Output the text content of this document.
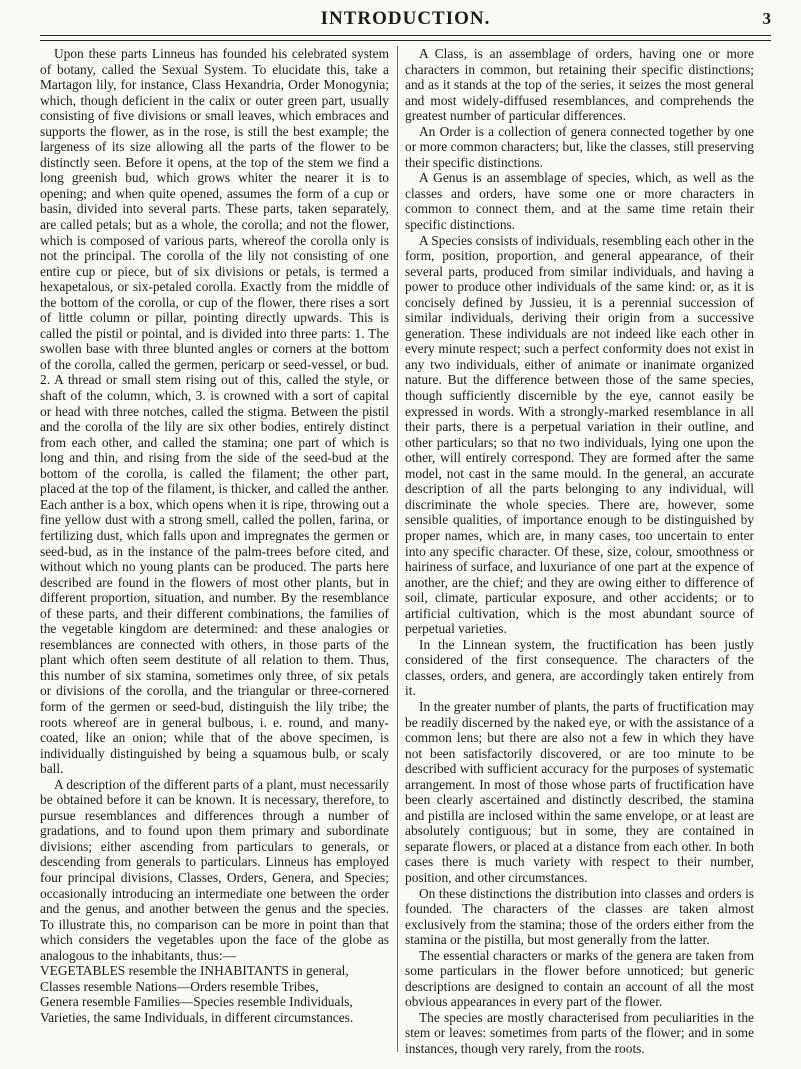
INTRODUCTION.	3

Upon these parts Linneus has founded his celebrated system of botany, called the Sexual System. To elucidate this, take a Martagon lily, for instance, Class Hexandria, Order Monogynia; which, though deficient in the calix or outer green part, usually consisting of five divisions or small leaves, which embraces and supports the flower, as in the rose, is still the best example; the largeness of its size allowing all the parts of the flower to be distinctly seen. Before it opens, at the top of the stem we find a long greenish bud, which grows whiter the nearer it is to opening; and when quite opened, assumes the form of a cup or basin, divided into several parts. These parts, taken separately, are called petals; but as a whole, the corolla; and not the flower, which is composed of various parts, whereof the corolla only is not the principal. The corolla of the lily not consisting of one entire cup or piece, but of six divisions or petals, is termed a hexapetalous, or six-petaled corolla. Exactly from the middle of the bottom of the corolla, or cup of the flower, there rises a sort of little column or pillar, pointing directly upwards. This is called the pistil or pointal, and is divided into three parts: 1. The swollen base with three blunted angles or corners at the bottom of the corolla, called the germen, pericarp or seed-vessel, or bud. 2. A thread or small stem rising out of this, called the style, or shaft of the column, which, 3. is crowned with a sort of capital or head with three notches, called the stigma. Between the pistil and the corolla of the lily are six other bodies, entirely distinct from each other, and called the stamina; one part of which is long and thin, and rising from the side of the seed-bud at the bottom of the corolla, is called the filament; the other part, placed at the top of the filament, is thicker, and called the anther. Each anther is a box, which opens when it is ripe, throwing out a fine yellow dust with a strong smell, called the pollen, farina, or fertilizing dust, which falls upon and impregnates the germen or seed-bud, as in the instance of the palm-trees before cited, and without which no young plants can be produced. The parts here described are found in the flowers of most other plants, but in different proportion, situation, and number. By the resemblance of these parts, and their different combinations, the families of the vegetable kingdom are determined: and these analogies or resemblances are connected with others, in those parts of the plant which often seem destitute of all relation to them. Thus, this number of six stamina, sometimes only three, of six petals or divisions of the corolla, and the triangular or three-cornered form of the germen or seed-bud, distinguish the lily tribe; the roots whereof are in general bulbous, i. e. round, and many-coated, like an onion; while that of the above specimen, is individually distinguished by being a squamous bulb, or scaly ball.

A description of the different parts of a plant, must necessarily be obtained before it can be known. It is necessary, therefore, to pursue resemblances and differences through a number of gradations, and to found upon them primary and subordinate divisions; either ascending from particulars to generals, or descending from generals to particulars. Linneus has employed four principal divisions, Classes, Orders, Genera, and Species; occasionally introducing an intermediate one between the order and the genus, and another between the genus and the species. To illustrate this, no comparison can be more in point than that which considers the vegetables upon the face of the globe as analogous to the inhabitants, thus:—

VEGETABLES resemble the INHABITANTS in general,

Classes resemble Nations—Orders resemble Tribes,

Genera resemble Families—Species resemble Individuals,

Varieties, the same Individuals, in different circumstances.

A Class, is an assemblage of orders, having one or more characters in common, but retaining their specific distinctions; and as it stands at the top of the series, it seizes the most general and most widely-diffused resemblances, and comprehends the greatest number of particular differences.

An Order is a collection of genera connected together by one or more common characters; but, like the classes, still preserving their specific distinctions.

A Genus is an assemblage of species, which, as well as the classes and orders, have some one or more characters in common to connect them, and at the same time retain their specific distinctions.

A Species consists of individuals, resembling each other in the form, position, proportion, and general appearance, of their several parts, produced from similar individuals, and having a power to produce other individuals of the same kind: or, as it is concisely defined by Jussieu, it is a perennial succession of similar individuals, deriving their origin from a successive generation. These individuals are not indeed like each other in every minute respect; such a perfect conformity does not exist in any two individuals, either of animate or inanimate organized nature. But the difference between those of the same species, though sufficiently discernible by the eye, cannot easily be expressed in words. With a strongly-marked resemblance in all their parts, there is a perpetual variation in their outline, and other particulars; so that no two individuals, lying one upon the other, will entirely correspond. They are formed after the same model, not cast in the same mould. In the general, an accurate description of all the parts belonging to any individual, will discriminate the whole species. There are, however, some sensible qualities, of importance enough to be distinguished by proper names, which are, in many cases, too uncertain to enter into any specific character. Of these, size, colour, smoothness or hairiness of surface, and luxuriance of one part at the expence of another, are the chief; and they are owing either to difference of soil, climate, particular exposure, and other accidents; or to artificial cultivation, which is the most abundant source of perpetual varieties.

In the Linnean system, the fructification has been justly considered of the first consequence. The characters of the classes, orders, and genera, are accordingly taken entirely from it.

In the greater number of plants, the parts of fructification may be readily discerned by the naked eye, or with the assistance of a common lens; but there are also not a few in which they have not been satisfactorily discovered, or are too minute to be described with sufficient accuracy for the purposes of systematic arrangement. In most of those whose parts of fructification have been clearly ascertained and distinctly described, the stamina and pistilla are inclosed within the same envelope, or at least are absolutely contiguous; but in some, they are contained in separate flowers, or placed at a distance from each other. In both cases there is much variety with respect to their number, position, and other circumstances.

On these distinctions the distribution into classes and orders is founded. The characters of the classes are taken almost exclusively from the stamina; those of the orders either from the stamina or the pistilla, but most generally from the latter.

The essential characters or marks of the genera are taken from some particulars in the flower before unnoticed; but generic descriptions are designed to contain an account of all the most obvious appearances in every part of the flower.

The species are mostly characterised from peculiarities in the stem or leaves: sometimes from parts of the flower; and in some instances, though very rarely, from the roots.
